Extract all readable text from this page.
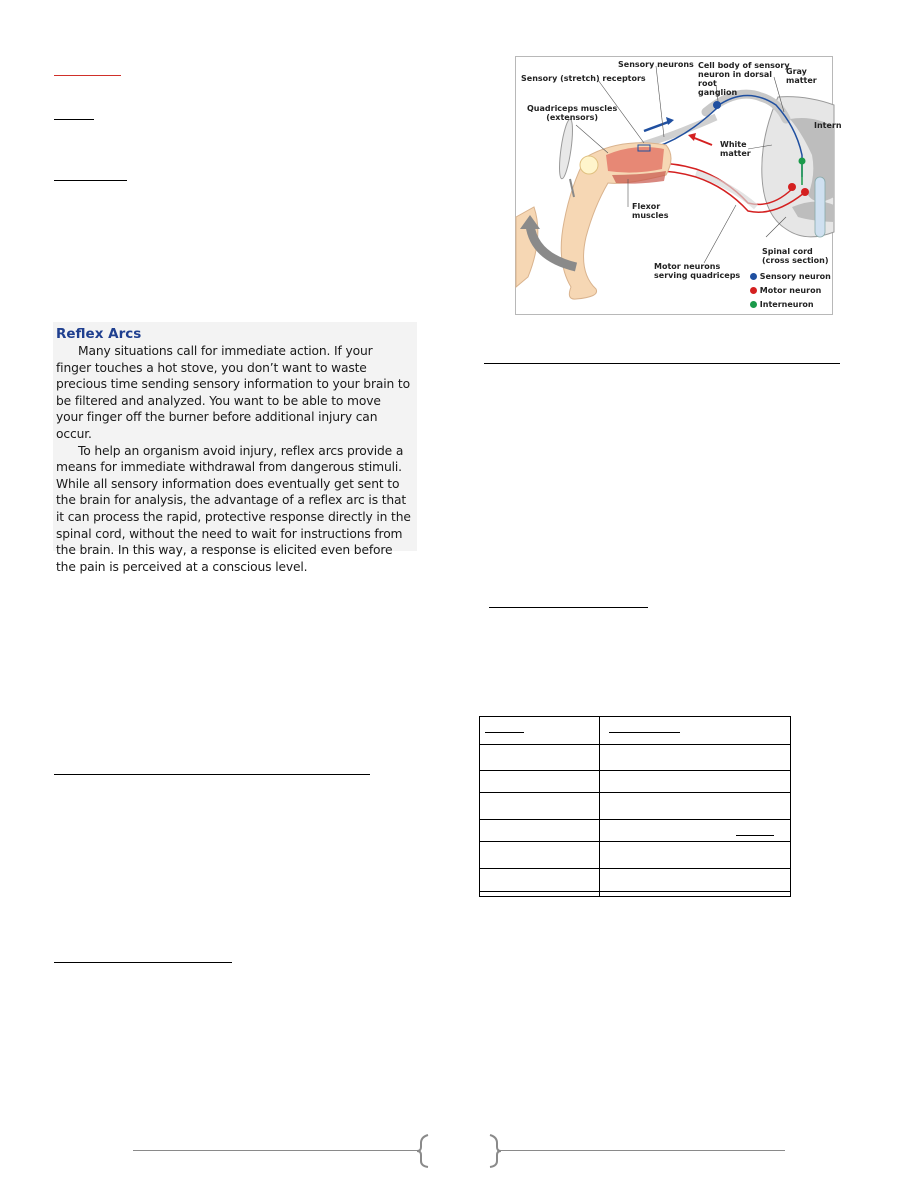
Reflex Arcs

Many situations call for immediate action. If your finger touches a hot stove, you don’t want to waste precious time sending sensory information to your brain to be filtered and analyzed. You want to be able to move your finger off the burner before additional injury can occur.

To help an organism avoid injury, reflex arcs provide a means for immediate withdrawal from dangerous stimuli. While all sensory information does eventually get sent to the brain for analysis, the advantage of a reflex arc is that it can process the rapid, protective response directly in the spinal cord, without the need to wait for instructions from the brain. In this way, a response is elicited even before the pain is perceived at a conscious level.

Sensory neurons Cell body of sensory
neuron in dorsal
root
ganglion
Gray
matter
Sensory (stretch) receptors
Quadriceps muscles
(extensors)
Intern
White
matter
Flexor
muscles
Motor neurons
serving quadriceps
Spinal cord
(cross section)
Sensory neuron
Motor neuron
Interneuron
